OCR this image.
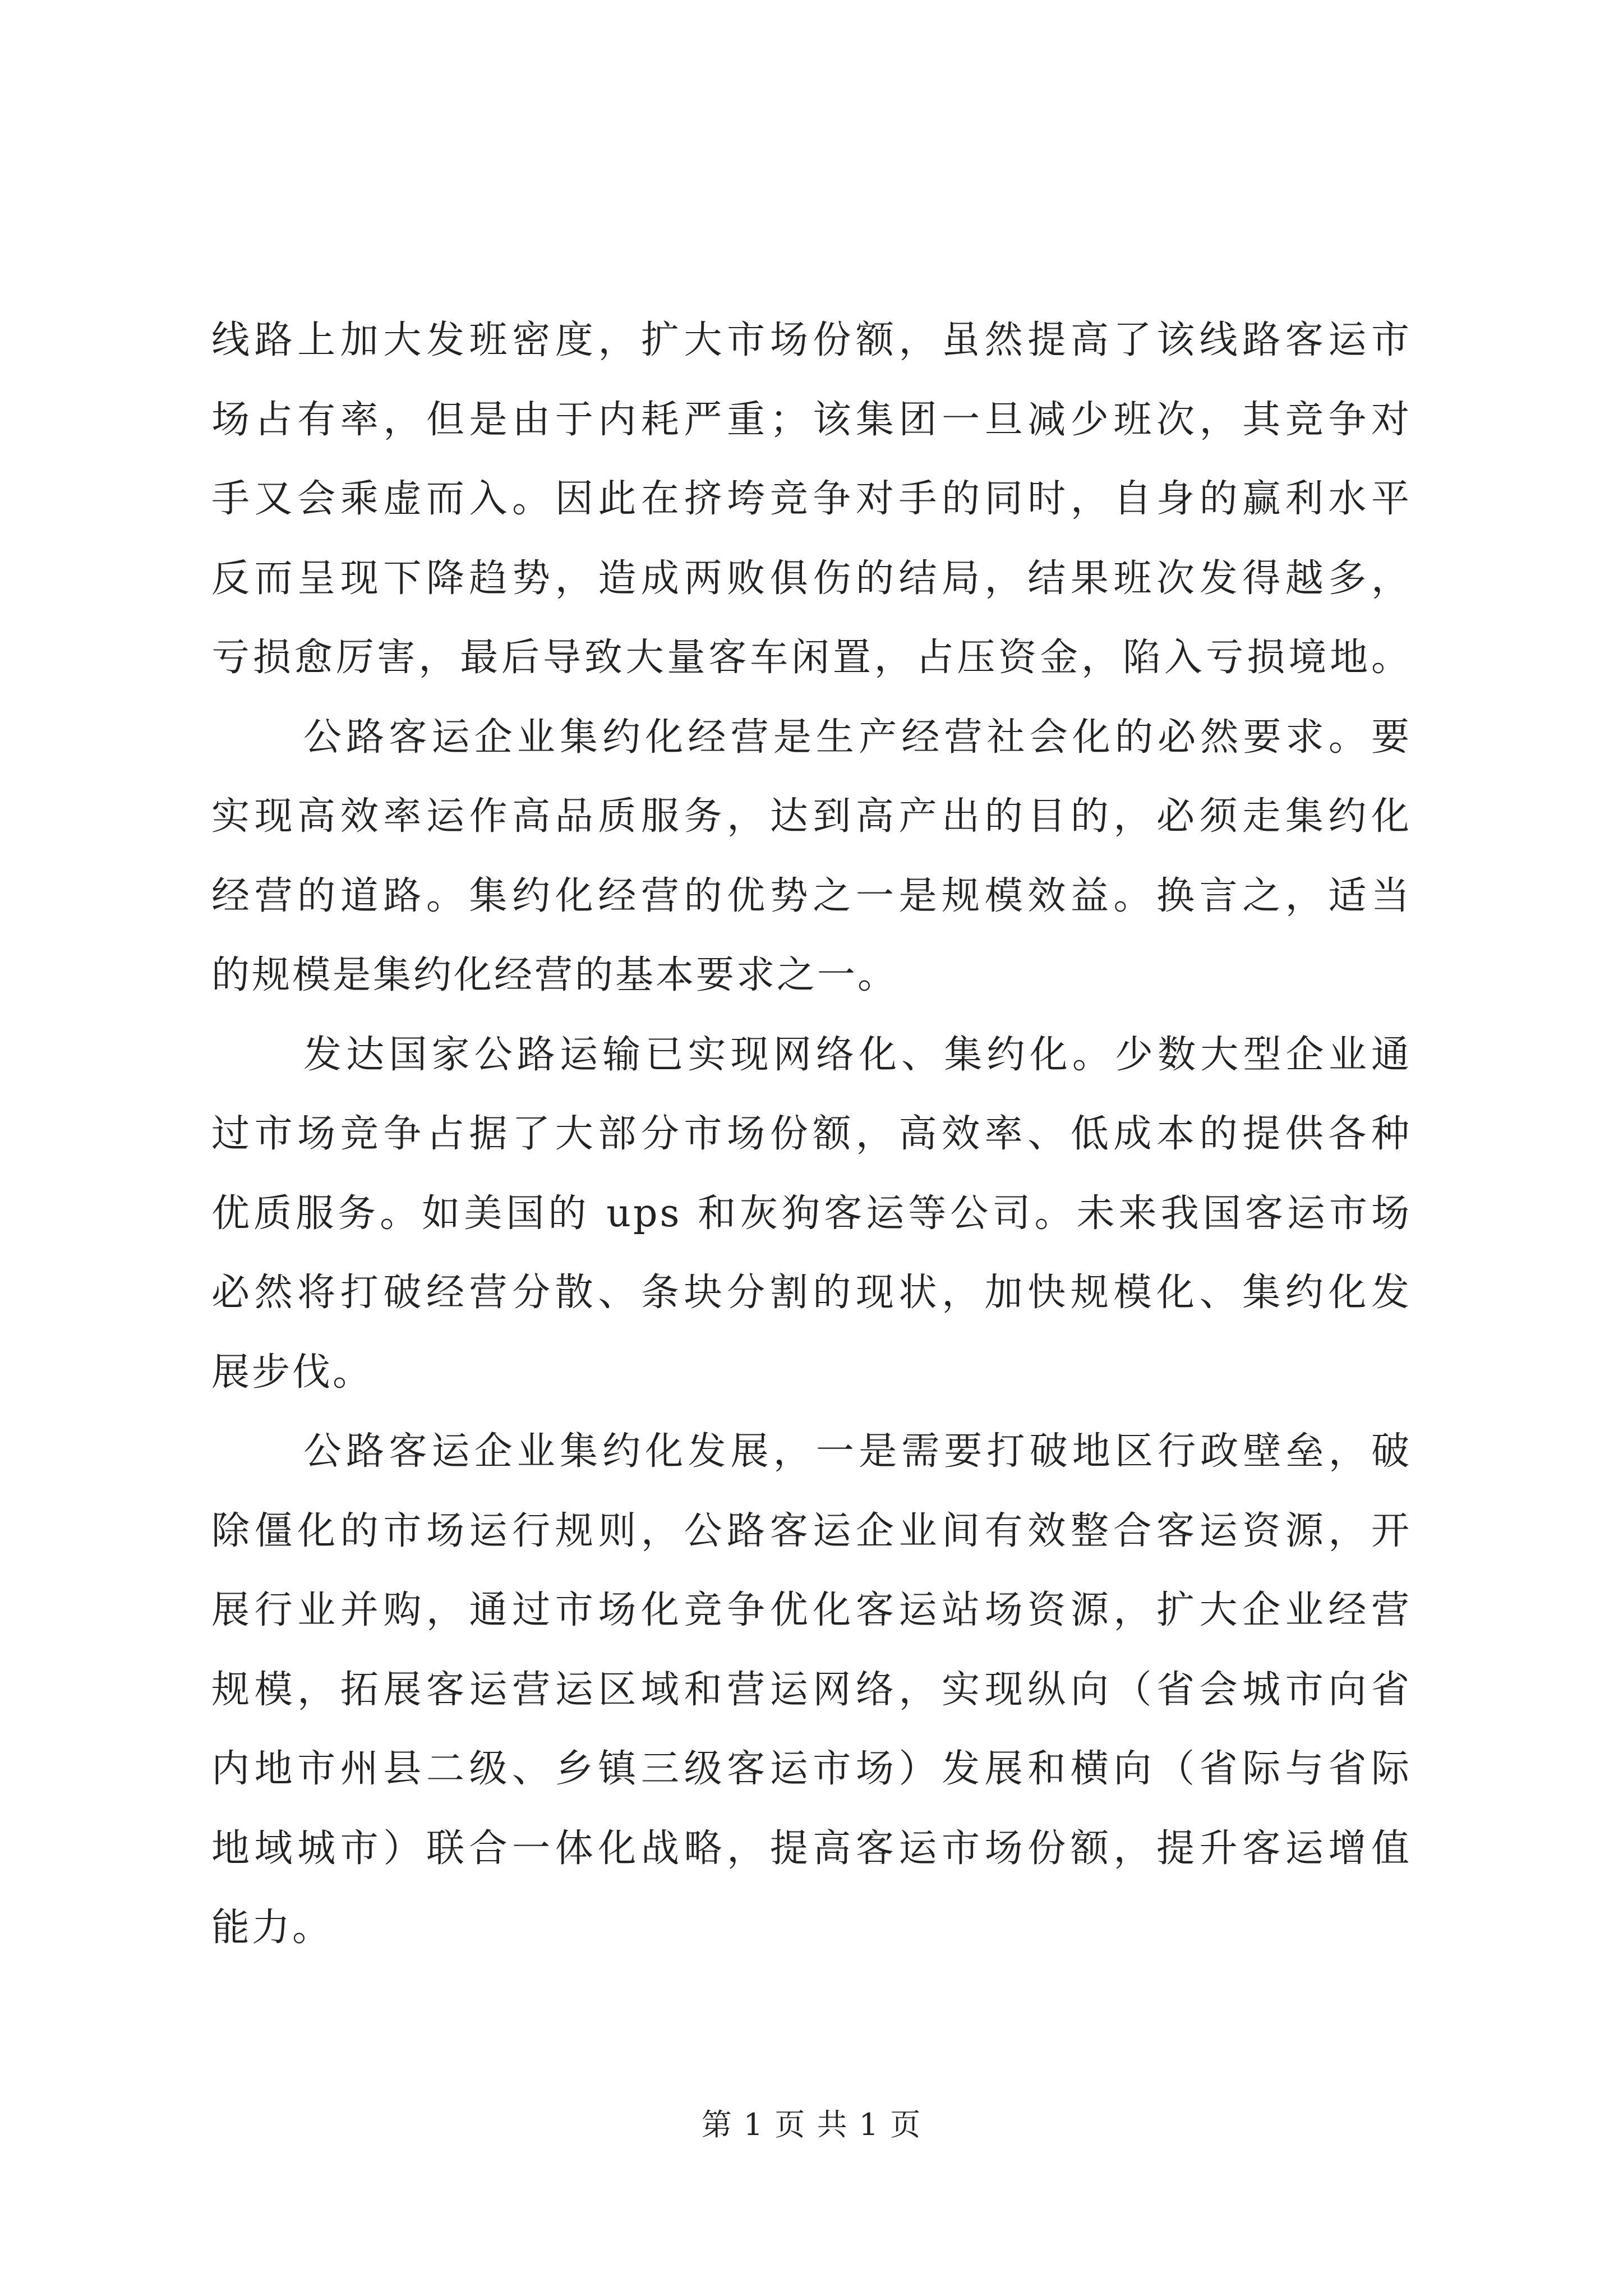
线路上加大发班密度，扩大市场份额，虽然提高了该线路客运市
场占有率，但是由于内耗严重；该集团一旦减少班次，其竞争对
手又会乘虚而入。因此在挤垮竞争对手的同时，自身的赢利水平
反而呈现下降趋势，造成两败俱伤的结局，结果班次发得越多，
亏损愈厉害，最后导致大量客车闲置，占压资金，陷入亏损境地。
公路客运企业集约化经营是生产经营社会化的必然要求。要
实现高效率运作高品质服务，达到高产出的目的，必须走集约化
经营的道路。集约化经营的优势之一是规模效益。换言之，适当
的规模是集约化经营的基本要求之一。
发达国家公路运输已实现网络化、集约化。少数大型企业通
过市场竞争占据了大部分市场份额，高效率、低成本的提供各种
优质服务。如美国的 ups 和灰狗客运等公司。未来我国客运市场
必然将打破经营分散、条块分割的现状，加快规模化、集约化发
展步伐。
公路客运企业集约化发展，一是需要打破地区行政壁垒，破
除僵化的市场运行规则，公路客运企业间有效整合客运资源，开
展行业并购，通过市场化竞争优化客运站场资源，扩大企业经营
规模，拓展客运营运区域和营运网络，实现纵向（省会城市向省
内地市州县二级、乡镇三级客运市场）发展和横向（省际与省际
地域城市）联合一体化战略，提高客运市场份额，提升客运增值
能力。
第 1 页 共 1 页
